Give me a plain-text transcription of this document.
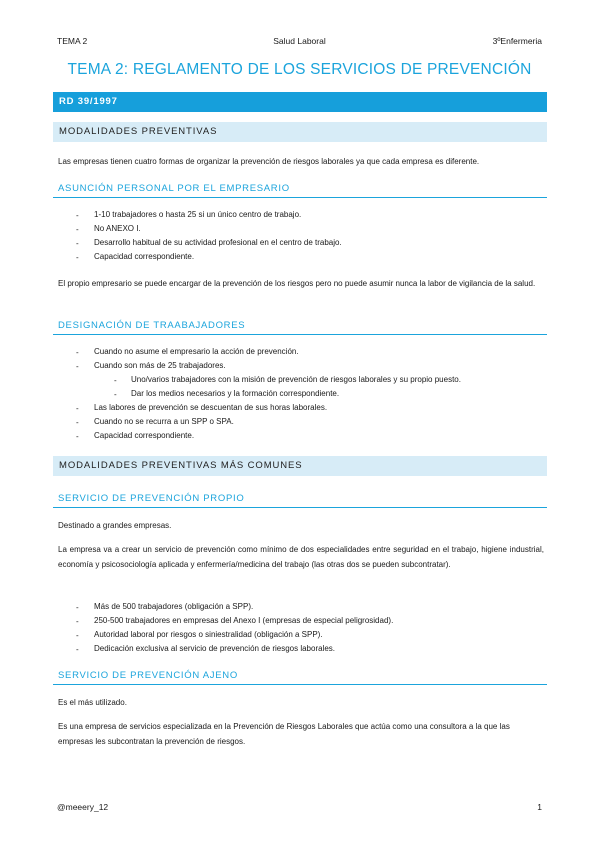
TEMA 2	Salud Laboral	3ºEnfermeria
TEMA 2: REGLAMENTO DE LOS SERVICIOS DE PREVENCIÓN
RD 39/1997
MODALIDADES PREVENTIVAS
Las empresas tienen cuatro formas de organizar la prevención de riesgos laborales ya que cada empresa es diferente.
ASUNCIÓN PERSONAL POR EL EMPRESARIO
- 1-10 trabajadores o hasta 25 si un único centro de trabajo.
- No ANEXO I.
- Desarrollo habitual de su actividad profesional en el centro de trabajo.
- Capacidad correspondiente.
El propio empresario se puede encargar de la prevención de los riesgos pero no puede asumir nunca la labor de vigilancia de la salud.
DESIGNACIÓN DE TRAABAJADORES
- Cuando no asume el empresario la acción de prevención.
- Cuando son más de 25 trabajadores.
- Uno/varios trabajadores con la misión de prevención de riesgos laborales y su propio puesto.
- Dar los medios necesarios y la formación correspondiente.
- Las labores de prevención se descuentan de sus horas laborales.
- Cuando no se recurra a un SPP o SPA.
- Capacidad correspondiente.
MODALIDADES PREVENTIVAS MÁS COMUNES
SERVICIO DE PREVENCIÓN PROPIO
Destinado a grandes empresas.
La empresa va a crear un servicio de prevención como mínimo de dos especialidades entre seguridad en el trabajo, higiene industrial, economía y psicosociología aplicada y enfermería/medicina del trabajo (las otras dos se pueden subcontratar).
- Más de 500 trabajadores (obligación a SPP).
- 250-500 trabajadores en empresas del Anexo I (empresas de especial peligrosidad).
- Autoridad laboral por riesgos o siniestralidad (obligación a SPP).
- Dedicación exclusiva al servicio de prevención de riesgos laborales.
SERVICIO DE PREVENCIÓN AJENO
Es el más utilizado.
Es una empresa de servicios especializada en la Prevención de Riesgos Laborales que actúa como una consultora a la que las empresas les subcontratan la prevención de riesgos.
@meeery_12	1
